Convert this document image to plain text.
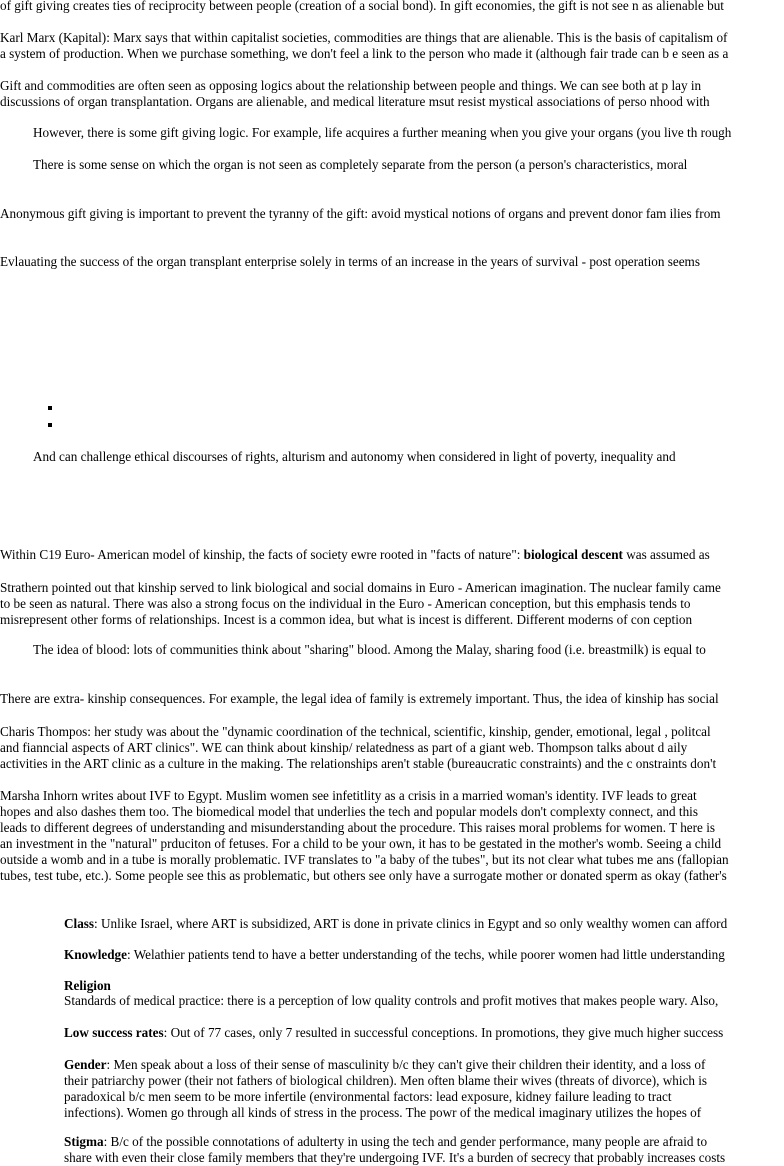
of gift giving creates ties of reciprocity between people (creation of a social bond). In gift economies, the gift is not see n as alienable but
Karl Marx (Kapital): Marx says that within capitalist societies, commodities are things that are alienable. This is the basis of capitalism of
a system of production. When we purchase something, we don't feel a link to the person who made it (although fair trade can b e seen as a
Gift and commodities are often seen as opposing logics about the relationship between people and things. We can see both at p lay in
discussions of organ transplantation. Organs are alienable, and medical literature msut resist mystical associations of perso nhood with
However, there is some gift giving logic. For example, life acquires a further meaning when you give your organs (you live th rough
There is some sense on which the organ is not seen as completely separate from the person (a person's characteristics, moral
Anonymous gift giving is important to prevent the tyranny of the gift: avoid mystical notions of organs and prevent donor fam ilies from
Evlauating the success of the organ transplant enterprise solely in terms of an increase in the years of survival - post operation seems
And can challenge ethical discourses of rights, alturism and autonomy when considered in light of poverty, inequality and
Within C19 Euro- American model of kinship, the facts of society ewre rooted in "facts of nature": biological descent was assumed as
Strathern pointed out that kinship served to link biological and social domains in Euro - American imagination. The nuclear family came
to be seen as natural. There was also a strong focus on the individual in the Euro - American conception, but this emphasis tends to
misrepresent other forms of relationships. Incest is a common idea, but what is incest is different. Different moderns of con ception
The idea of blood: lots of communities think about "sharing" blood. Among the Malay, sharing food (i.e. breastmilk) is equal to
There are extra- kinship consequences. For example, the legal idea of family is extremely important. Thus, the idea of kinship has social
Charis Thompos: her study was about the "dynamic coordination of the technical, scientific, kinship, gender, emotional, legal , politcal
and fianncial aspects of ART clinics". WE can think about kinship/ relatedness as part of a giant web. Thompson talks about d aily
activities in the ART clinic as a culture in the making. The relationships aren't stable (bureaucratic constraints) and the c onstraints don't
Marsha Inhorn writes about IVF to Egypt. Muslim women see infetitlity as a crisis in a married woman's identity. IVF leads to great
hopes and also dashes them too. The biomedical model that underlies the tech and popular models don't complexty connect, and this
leads to different degrees of understanding and misunderstanding about the procedure. This raises moral problems for women. T here is
an investment in the "natural" prduciton of fetuses. For a child to be your own, it has to be gestated in the mother's womb. Seeing a child
outside a womb and in a tube is morally problematic. IVF translates to "a baby of the tubes", but its not clear what tubes me ans (fallopian
tubes, test tube, etc.). Some people see this as problematic, but others see only have a surrogate mother or donated sperm as okay (father's
Class: Unlike Israel, where ART is subsidized, ART is done in private clinics in Egypt and so only wealthy women can afford
Knowledge: Welathier patients tend to have a better understanding of the techs, while poorer women had little understanding
Religion
Standards of medical practice: there is a perception of low quality controls and profit motives that makes people wary. Also,
Low success rates: Out of 77 cases, only 7 resulted in successful conceptions. In promotions, they give much higher success
Gender: Men speak about a loss of their sense of masculinity b/c they can't give their children their identity, and a loss of
their patriarchy power (their not fathers of biological children). Men often blame their wives (threats of divorce), which is
paradoxical b/c men seem to be more infertile (environmental factors: lead exposure, kidney failure leading to tract
infections). Women go through all kinds of stress in the process. The powr of the medical imaginary utilizes the hopes of
Stigma: B/c of the possible connotations of adulterty in using the tech and gender performance, many people are afraid to
share with even their close family members that they're undergoing IVF. It's a burden of secrecy that probably increases costs
